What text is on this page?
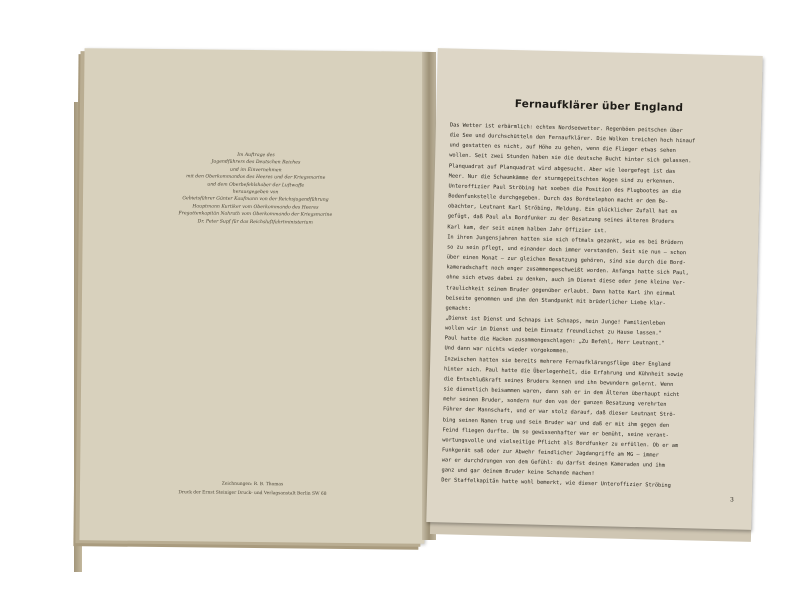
Im Auftrage des
Jugendführers des Deutschen Reiches
und im Einvernehmen
mit den Oberkommandos des Heeres und der Kriegsmarine
und dem Oberbefehlshaber der Luftwaffe
herausgegeben von
Gebietsführer Günter Kaufmann von der Reichsjugendführung
Hauptmann Kurtiker vom Oberkommando des Heeres
Fregattenkapitän Nahrath vom Oberkommando der Kriegsmarine
Dr. Peter Supf für das Reichsluftfahrtministerium
Zeichnungen: R. B. Thomas
Druck der Ernst Steiniger Druck- und Verlagsanstalt Berlin SW 68
Fernaufklärer über England
Das Wetter ist erbärmlich: echtes Nordseewetter. Regenböen peitschen über
die See und durchschütteln den Fernaufklärer. Die Wolken treichen hoch hinauf
und gestatten es nicht, auf Höhe zu gehen, wenn die Flieger etwas sehen
wollen. Seit zwei Stunden haben sie die deutsche Bucht hinter sich gelassen.
Planquadrat auf Planquadrat wird abgesucht. Aber wie leergefegt ist das
Meer. Nur die Schaumkämme der sturmgepeitschten Wogen sind zu erkennen.
Unteroffizier Paul Ströbing hat soeben die Position des Flugbootes an die
Bodenfunkstelle durchgegeben. Durch das Bordtelephon macht er dem Be-
obachter, Leutnant Karl Ströbing, Meldung. Ein glücklicher Zufall hat es
gefügt, daß Paul als Bordfunker zu der Besatzung seines älteren Bruders
Karl kam, der seit einem halben Jahr Offizier ist.
In ihren Jungensjahren hatten sie sich oftmals gezankt, wie es bei Brüdern
so zu sein pflegt, und einander doch immer verstanden. Seit sie nun — schon
über einen Monat — zur gleichen Besatzung gehören, sind sie durch die Bord-
kameradschaft noch enger zusammengeschweißt worden. Anfangs hatte sich Paul,
ohne sich etwas dabei zu denken, auch im Dienst diese oder jene kleine Ver-
traulichkeit seinem Bruder gegenüber erlaubt. Dann hatte Karl ihn einmal
beiseite genommen und ihm den Standpunkt mit brüderlicher Liebe klar-
gemacht:
„Dienst ist Dienst und Schnaps ist Schnaps, mein Junge! Familienleben
wollen wir im Dienst und beim Einsatz freundlichst zu Hause lassen."
Paul hatte die Hacken zusammengeschlagen: „Zu Befehl, Herr Leutnant."
Und dann war nichts wieder vorgekommen.
Inzwischen hatten sie bereits mehrere Fernaufklärungsflüge über England
hinter sich. Paul hatte die Überlegenheit, die Erfahrung und Kühnheit sowie
die Entschlußkraft seines Bruders kennen und ihn bewundern gelernt. Wenn
sie dienstlich beisammen waren, dann sah er in dem Älteren überhaupt nicht
mehr seinen Bruder, sondern nur den von der ganzen Besatzung verehrten
Führer der Mannschaft, und er war stolz darauf, daß dieser Leutnant Strö-
bing seinen Namen trug und sein Bruder war und daß er mit ihm gegen den
Feind fliegen durfte. Um so gewissenhafter war er bemüht, seine verant-
wortungsvolle und vielseitige Pflicht als Bordfunker zu erfüllen. Ob er am
Funkgerät saß oder zur Abwehr feindlicher Jagdangriffe am MG — immer
war er durchdrungen von dem Gefühl: du darfst deinen Kameraden und ihm
ganz und gar deinem Bruder keine Schande machen!
Der Staffelkapitän hatte wohl bemerkt, wie dieser Unteroffizier Ströbing
3
